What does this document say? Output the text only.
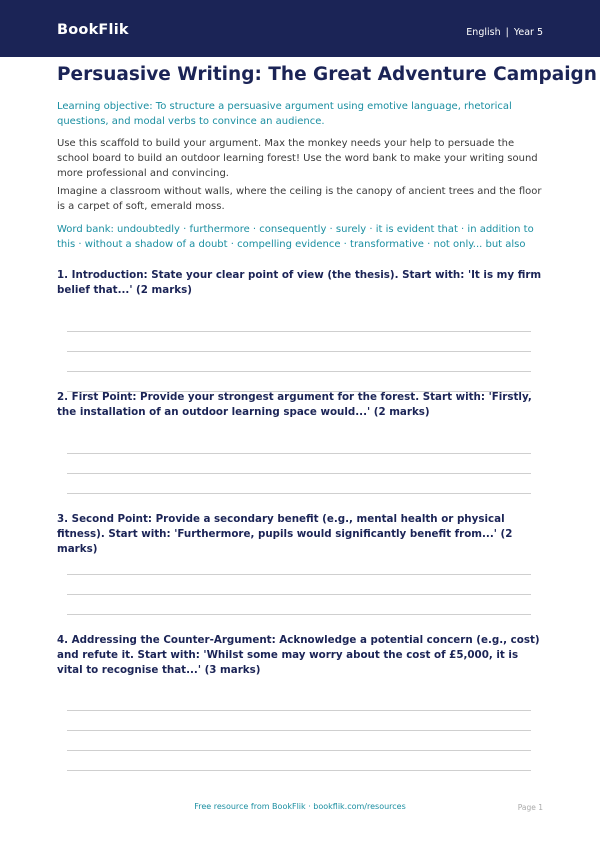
BookFlik	English | Year 5
Persuasive Writing: The Great Adventure Campaign

Learning objective: To structure a persuasive argument using emotive language, rhetorical questions, and modal verbs to convince an audience.

Use this scaffold to build your argument. Max the monkey needs your help to persuade the school board to build an outdoor learning forest! Use the word bank to make your writing sound more professional and convincing.

Imagine a classroom without walls, where the ceiling is the canopy of ancient trees and the floor is a carpet of soft, emerald moss.

Word bank: undoubtedly · furthermore · consequently · surely · it is evident that · in addition to this · without a shadow of a doubt · compelling evidence · transformative · not only... but also

1. Introduction: State your clear point of view (the thesis). Start with: 'It is my firm belief that...' (2 marks)

2. First Point: Provide your strongest argument for the forest. Start with: 'Firstly, the installation of an outdoor learning space would...' (2 marks)

3. Second Point: Provide a secondary benefit (e.g., mental health or physical fitness). Start with: 'Furthermore, pupils would significantly benefit from...' (2 marks)

4. Addressing the Counter-Argument: Acknowledge a potential concern (e.g., cost) and refute it. Start with: 'Whilst some may worry about the cost of £5,000, it is vital to recognise that...' (3 marks)

Free resource from BookFlik · bookflik.com/resources	Page 1
